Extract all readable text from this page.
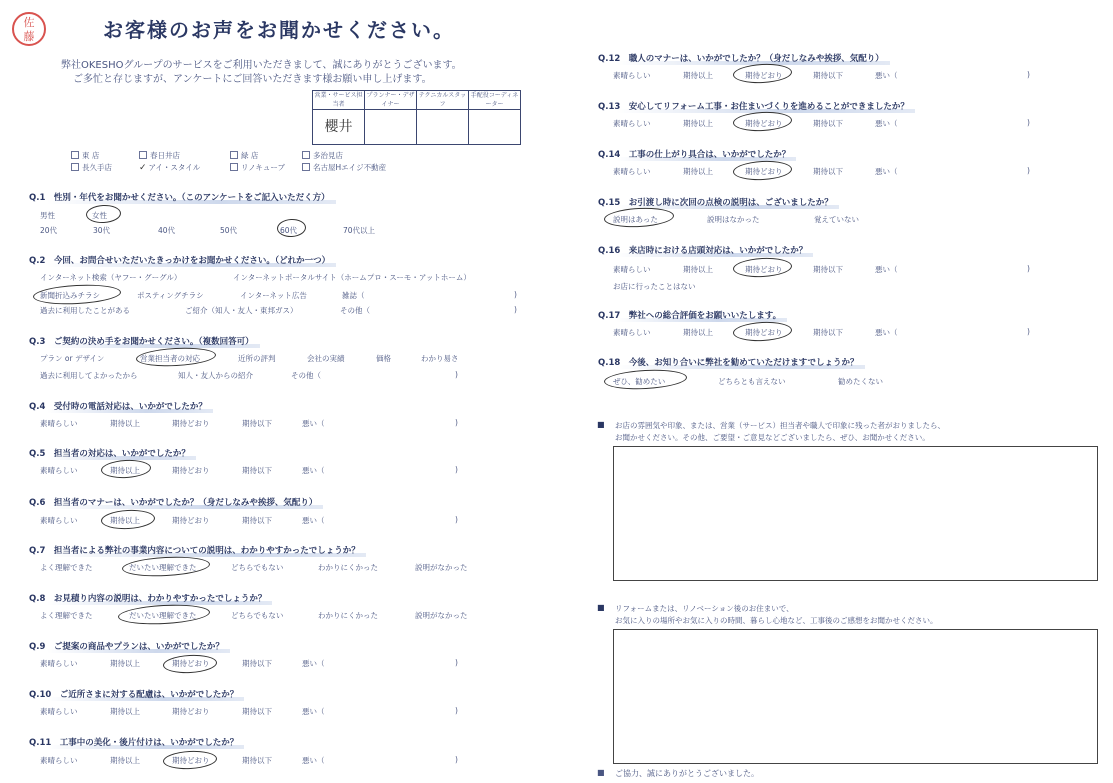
佐
藤	お客様のお声をお聞かせください。
弊社OKESHOグループのサービスをご利用いただきまして、誠にありがとうございます。
ご多忙と存じますが、アンケートにご回答いただきます様お願い申し上げます。
営業・サービス担当者	プランナー・デザイナー	テクニカルスタッフ	手配役コーディネーター
櫻井			
東 店	春日井店	緑 店	多治見店
長久手店	✓ アイ・スタイル	リノキューブ	名古屋Hエイジ不動産
Q.1　性別・年代をお聞かせください。（このアンケートをご記入いただく方）
男性	女性
20代	30代	40代	50代	60代	70代以上
Q.2　今回、お問合せいただいたきっかけをお聞かせください。（どれか一つ）
インターネット検索（ヤフー・グーグル）	インターネットポータルサイト（ホームプロ・スーモ・アットホーム）
新聞折込みチラシ	ポスティングチラシ	インターネット広告	雑誌（	)
過去に利用したことがある	ご紹介（知人・友人・東邦ガス）	その他（	)
Q.3　ご契約の決め手をお聞かせください。（複数回答可）
プラン or デザイン	営業担当者の対応	近所の評判	会社の実績	価格	わかり易さ
過去に利用してよかったから	知人・友人からの紹介	その他（	)
Q.4　受付時の電話対応は、いかがでしたか？
素晴らしい	期待以上	期待どおり	期待以下	悪い（	)
Q.5　担当者の対応は、いかがでしたか？
素晴らしい	期待以上	期待どおり	期待以下	悪い（	)
Q.6　担当者のマナーは、いかがでしたか？（身だしなみや挨拶、気配り）
素晴らしい	期待以上	期待どおり	期待以下	悪い（	)
Q.7　担当者による弊社の事業内容についての説明は、わかりやすかったでしょうか？
よく理解できた	だいたい理解できた	どちらでもない	わかりにくかった	説明がなかった
Q.8　お見積り内容の説明は、わかりやすかったでしょうか？
よく理解できた	だいたい理解できた	どちらでもない	わかりにくかった	説明がなかった
Q.9　ご提案の商品やプランは、いかがでしたか？
素晴らしい	期待以上	期待どおり	期待以下	悪い（	)
Q.10　ご近所さまに対する配慮は、いかがでしたか？
素晴らしい	期待以上	期待どおり	期待以下	悪い（	)
Q.11　工事中の美化・後片付けは、いかがでしたか？
素晴らしい	期待以上	期待どおり	期待以下	悪い（	)
Q.12　職人のマナーは、いかがでしたか？（身だしなみや挨拶、気配り）
素晴らしい	期待以上	期待どおり	期待以下	悪い（	)
Q.13　安心してリフォーム工事・お住まいづくりを進めることができましたか？
素晴らしい	期待以上	期待どおり	期待以下	悪い（	)
Q.14　工事の仕上がり具合は、いかがでしたか？
素晴らしい	期待以上	期待どおり	期待以下	悪い（	)
Q.15　お引渡し時に次回の点検の説明は、ございましたか？
説明はあった	説明はなかった	覚えていない
Q.16　来店時における店頭対応は、いかがでしたか？
素晴らしい	期待以上	期待どおり	期待以下	悪い（	)
お店に行ったことはない
Q.17　弊社への総合評価をお願いいたします。
素晴らしい	期待以上	期待どおり	期待以下	悪い（	)
Q.18　今後、お知り合いに弊社を勧めていただけますでしょうか？
ぜひ、勧めたい	どちらとも言えない	勧めたくない
■ お店の雰囲気や印象、または、営業（サービス）担当者や職人で印象に残った者がおりましたら、
お聞かせください。その他、ご要望・ご意見などございましたら、ぜひ、お聞かせください。
■ リフォームまたは、リノベーション後のお住まいで、
お気に入りの場所やお気に入りの時間、暮らし心地など、工事後のご感想をお聞かせください。
■ ご協力、誠にありがとうございました。
